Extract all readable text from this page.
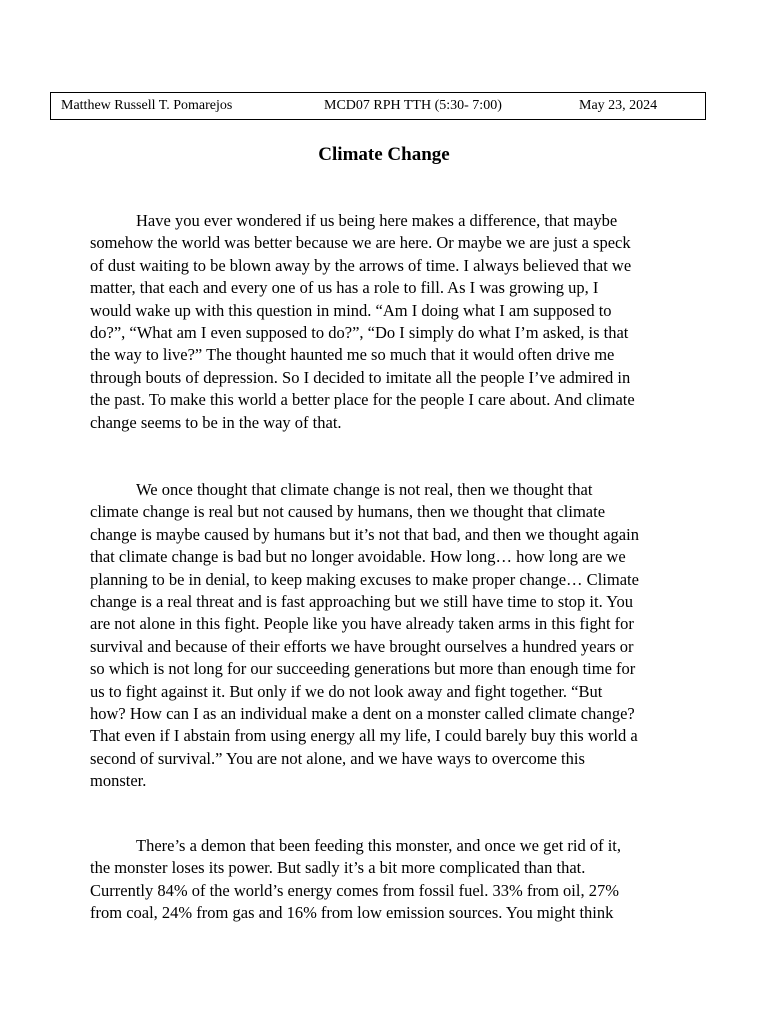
Matthew Russell T. Pomarejos	MCD07 RPH TTH (5:30- 7:00)	May 23, 2024
Climate Change
Have you ever wondered if us being here makes a difference, that maybe
somehow the world was better because we are here. Or maybe we are just a speck
of dust waiting to be blown away by the arrows of time. I always believed that we
matter, that each and every one of us has a role to fill. As I was growing up, I
would wake up with this question in mind. “Am I doing what I am supposed to
do?”, “What am I even supposed to do?”, “Do I simply do what I’m asked, is that
the way to live?” The thought haunted me so much that it would often drive me
through bouts of depression. So I decided to imitate all the people I’ve admired in
the past. To make this world a better place for the people I care about. And climate
change seems to be in the way of that.
We once thought that climate change is not real, then we thought that
climate change is real but not caused by humans, then we thought that climate
change is maybe caused by humans but it’s not that bad, and then we thought again
that climate change is bad but no longer avoidable. How long… how long are we
planning to be in denial, to keep making excuses to make proper change… Climate
change is a real threat and is fast approaching but we still have time to stop it. You
are not alone in this fight. People like you have already taken arms in this fight for
survival and because of their efforts we have brought ourselves a hundred years or
so which is not long for our succeeding generations but more than enough time for
us to fight against it. But only if we do not look away and fight together. “But
how? How can I as an individual make a dent on a monster called climate change?
That even if I abstain from using energy all my life, I could barely buy this world a
second of survival.” You are not alone, and we have ways to overcome this
monster.
There’s a demon that been feeding this monster, and once we get rid of it,
the monster loses its power. But sadly it’s a bit more complicated than that.
Currently 84% of the world’s energy comes from fossil fuel. 33% from oil, 27%
from coal, 24% from gas and 16% from low emission sources. You might think
